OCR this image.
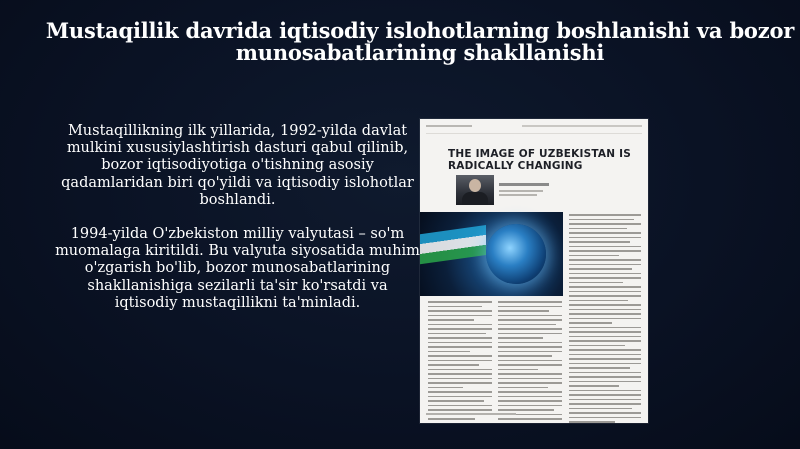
Mustaqillik davrida iqtisodiy islohotlarning boshlanishi va bozor
munosabatlarining shakllanishi

Mustaqillikning ilk yillarida, 1992-yilda davlat mulkini xususiylashtirish dasturi qabul qilinib, bozor iqtisodiyotiga o'tishning asosiy qadamlaridan biri qo'yildi va iqtisodiy islohotlar boshlandi.

1994-yilda O'zbekiston milliy valyutasi – so'm muomalaga kiritildi. Bu valyuta siyosatida muhim o'zgarish bo'lib, bozor munosabatlarining shakllanishiga sezilarli ta'sir ko'rsatdi va iqtisodiy mustaqillikni ta'minladi.

THE IMAGE OF UZBEKISTAN IS RADICALLY CHANGING
